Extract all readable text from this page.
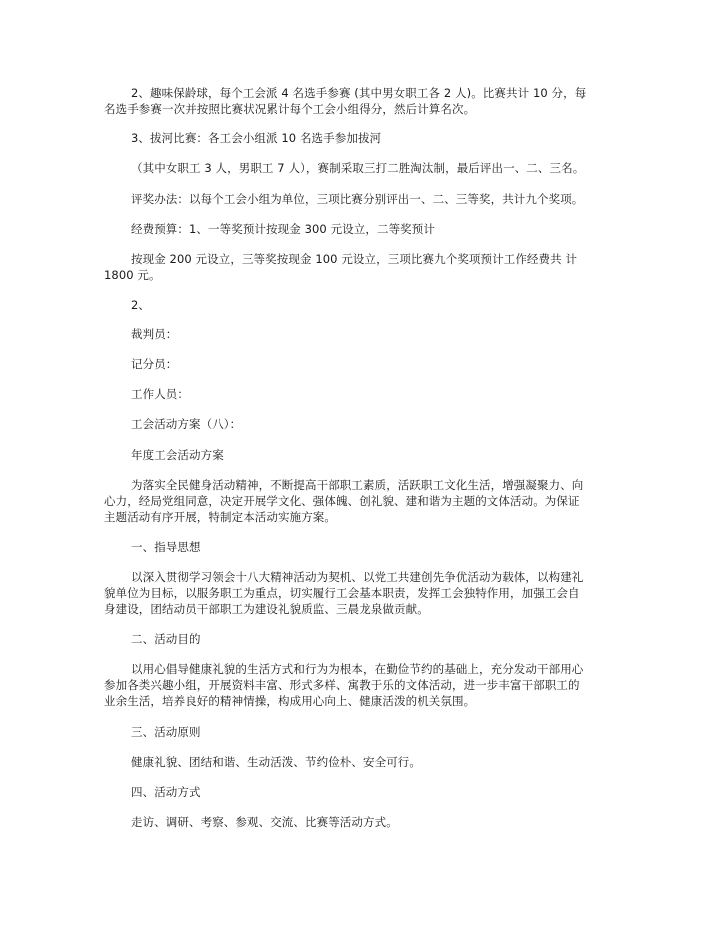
2、趣味保龄球，每个工会派 4 名选手参赛 (其中男女职工各 2 人)。比赛共计 10 分，每
名选手参赛一次并按照比赛状况累计每个工会小组得分，然后计算名次。
3、拔河比赛：各工会小组派 10 名选手参加拔河
（其中女职工 3 人，男职工 7 人），赛制采取三打二胜淘汰制，最后评出一、二、三名。
评奖办法：以每个工会小组为单位，三项比赛分别评出一、二、三等奖，共计九个奖项。
经费预算：1、一等奖预计按现金 300 元设立，二等奖预计
按现金 200 元设立，三等奖按现金 100 元设立，三项比赛九个奖项预计工作经费共 计
1800 元。
2、
裁判员：
记分员：
工作人员：
工会活动方案（八）：
年度工会活动方案
为落实全民健身活动精神，不断提高干部职工素质，活跃职工文化生活，增强凝聚力、向
心力，经局党组同意，决定开展学文化、强体魄、创礼貌、建和谐为主题的文体活动。为保证
主题活动有序开展，特制定本活动实施方案。
一、指导思想
以深入贯彻学习领会十八大精神活动为契机、以党工共建创先争优活动为载体，以构建礼
貌单位为目标，以服务职工为重点，切实履行工会基本职责，发挥工会独特作用，加强工会自
身建设，团结动员干部职工为建设礼貌质监、三晨龙泉做贡献。
二、活动目的
以用心倡导健康礼貌的生活方式和行为为根本，在勤俭节约的基础上，充分发动干部用心
参加各类兴趣小组，开展资料丰富、形式多样、寓教于乐的文体活动，进一步丰富干部职工的
业余生活，培养良好的精神情操，构成用心向上、健康活泼的机关氛围。
三、活动原则
健康礼貌、团结和谐、生动活泼、节约俭朴、安全可行。
四、活动方式
走访、调研、考察、参观、交流、比赛等活动方式。
